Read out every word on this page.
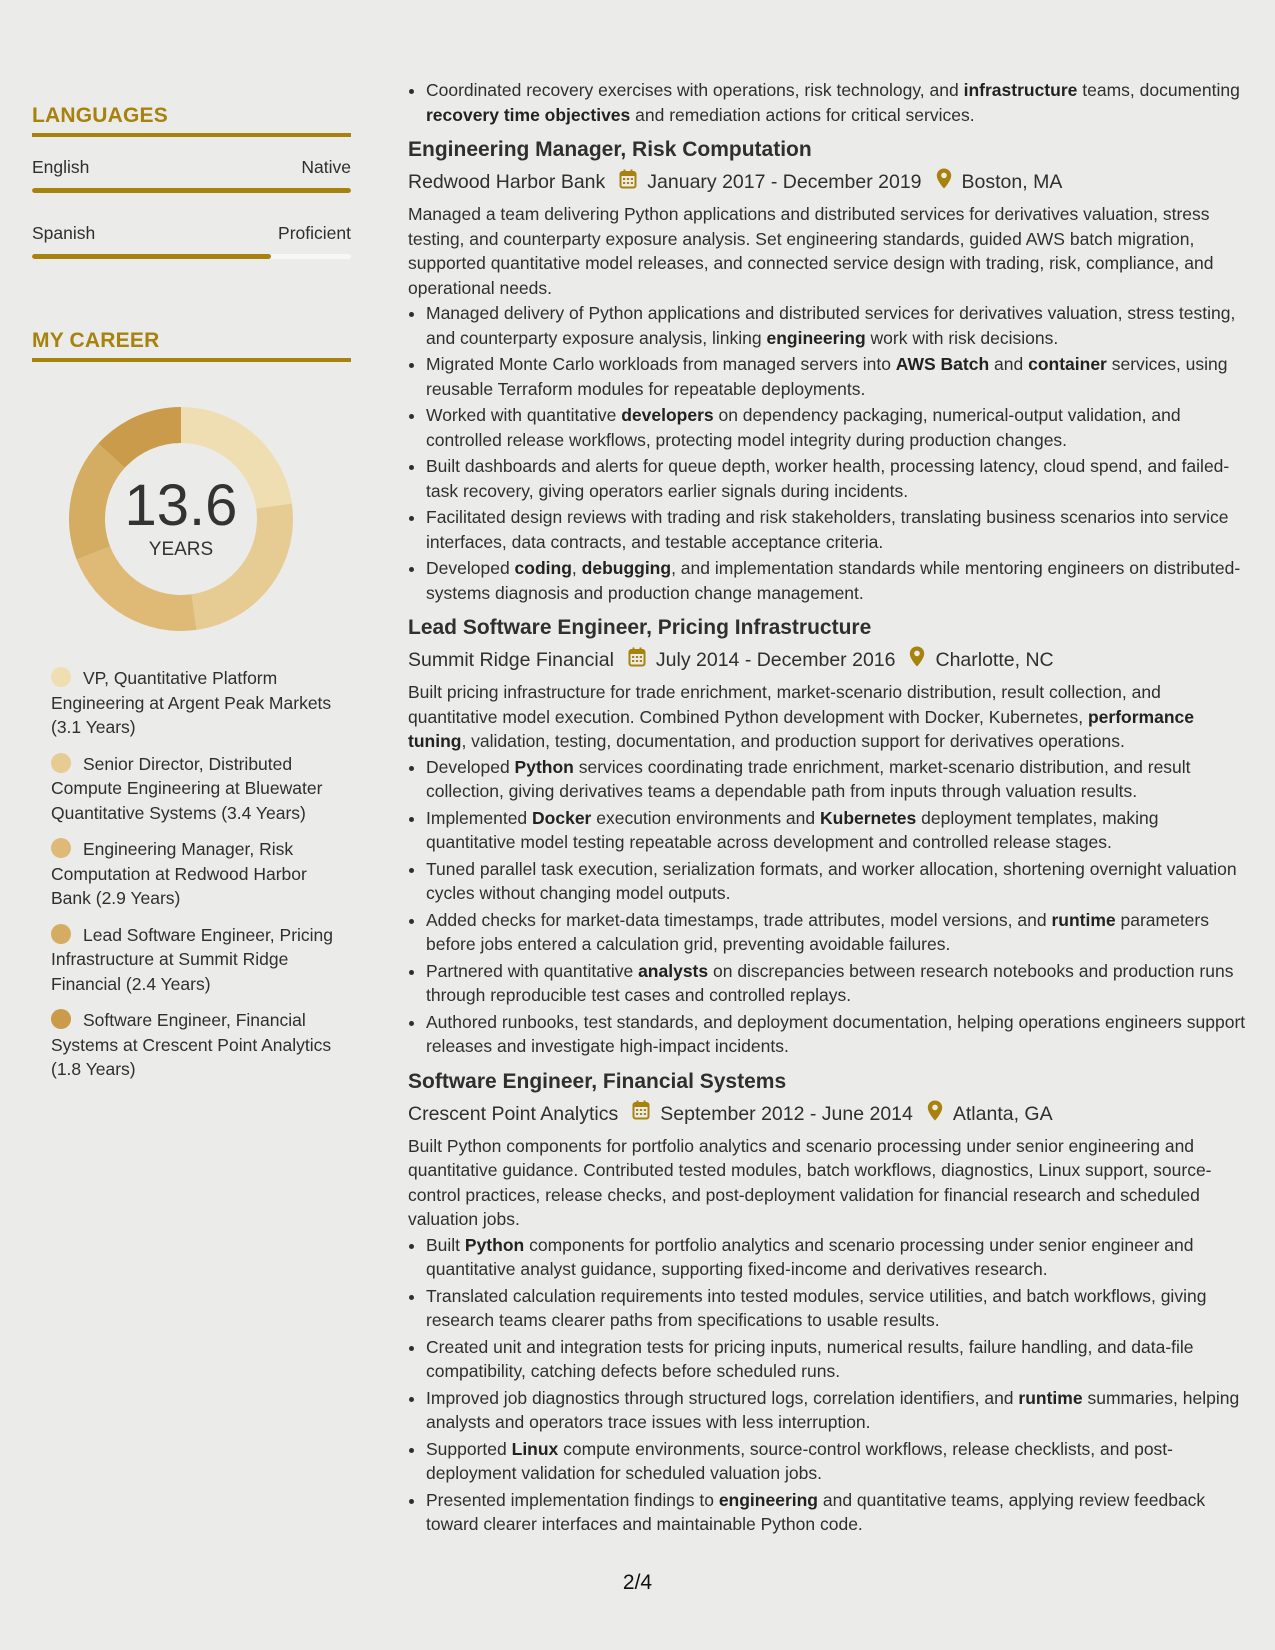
LANGUAGES
English	Native
Spanish	Proficient
MY CAREER
13.6
YEARS
VP, Quantitative Platform Engineering at Argent Peak Markets (3.1 Years)
Senior Director, Distributed Compute Engineering at Bluewater Quantitative Systems (3.4 Years)
Engineering Manager, Risk Computation at Redwood Harbor Bank (2.9 Years)
Lead Software Engineer, Pricing Infrastructure at Summit Ridge Financial (2.4 Years)
Software Engineer, Financial Systems at Crescent Point Analytics (1.8 Years)
• Coordinated recovery exercises with operations, risk technology, and infrastructure teams, documenting recovery time objectives and remediation actions for critical services.
Engineering Manager, Risk Computation
Redwood Harbor Bank January 2017 - December 2019 Boston, MA

Managed a team delivering Python applications and distributed services for derivatives valuation, stress testing, and counterparty exposure analysis. Set engineering standards, guided AWS batch migration, supported quantitative model releases, and connected service design with trading, risk, compliance, and operational needs.

• Managed delivery of Python applications and distributed services for derivatives valuation, stress testing, and counterparty exposure analysis, linking engineering work with risk decisions.
• Migrated Monte Carlo workloads from managed servers into AWS Batch and container services, using reusable Terraform modules for repeatable deployments.
• Worked with quantitative developers on dependency packaging, numerical-output validation, and controlled release workflows, protecting model integrity during production changes.
• Built dashboards and alerts for queue depth, worker health, processing latency, cloud spend, and failed-task recovery, giving operators earlier signals during incidents.
• Facilitated design reviews with trading and risk stakeholders, translating business scenarios into service interfaces, data contracts, and testable acceptance criteria.
• Developed coding, debugging, and implementation standards while mentoring engineers on distributed-systems diagnosis and production change management.
Lead Software Engineer, Pricing Infrastructure
Summit Ridge Financial July 2014 - December 2016 Charlotte, NC

Built pricing infrastructure for trade enrichment, market-scenario distribution, result collection, and quantitative model execution. Combined Python development with Docker, Kubernetes, performance tuning, validation, testing, documentation, and production support for derivatives operations.

• Developed Python services coordinating trade enrichment, market-scenario distribution, and result collection, giving derivatives teams a dependable path from inputs through valuation results.
• Implemented Docker execution environments and Kubernetes deployment templates, making quantitative model testing repeatable across development and controlled release stages.
• Tuned parallel task execution, serialization formats, and worker allocation, shortening overnight valuation cycles without changing model outputs.
• Added checks for market-data timestamps, trade attributes, model versions, and runtime parameters before jobs entered a calculation grid, preventing avoidable failures.
• Partnered with quantitative analysts on discrepancies between research notebooks and production runs through reproducible test cases and controlled replays.
• Authored runbooks, test standards, and deployment documentation, helping operations engineers support releases and investigate high-impact incidents.
Software Engineer, Financial Systems
Crescent Point Analytics September 2012 - June 2014 Atlanta, GA

Built Python components for portfolio analytics and scenario processing under senior engineering and quantitative guidance. Contributed tested modules, batch workflows, diagnostics, Linux support, source-control practices, release checks, and post-deployment validation for financial research and scheduled valuation jobs.

• Built Python components for portfolio analytics and scenario processing under senior engineer and quantitative analyst guidance, supporting fixed-income and derivatives research.
• Translated calculation requirements into tested modules, service utilities, and batch workflows, giving research teams clearer paths from specifications to usable results.
• Created unit and integration tests for pricing inputs, numerical results, failure handling, and data-file compatibility, catching defects before scheduled runs.
• Improved job diagnostics through structured logs, correlation identifiers, and runtime summaries, helping analysts and operators trace issues with less interruption.
• Supported Linux compute environments, source-control workflows, release checklists, and post-deployment validation for scheduled valuation jobs.
• Presented implementation findings to engineering and quantitative teams, applying review feedback toward clearer interfaces and maintainable Python code.
2/4
